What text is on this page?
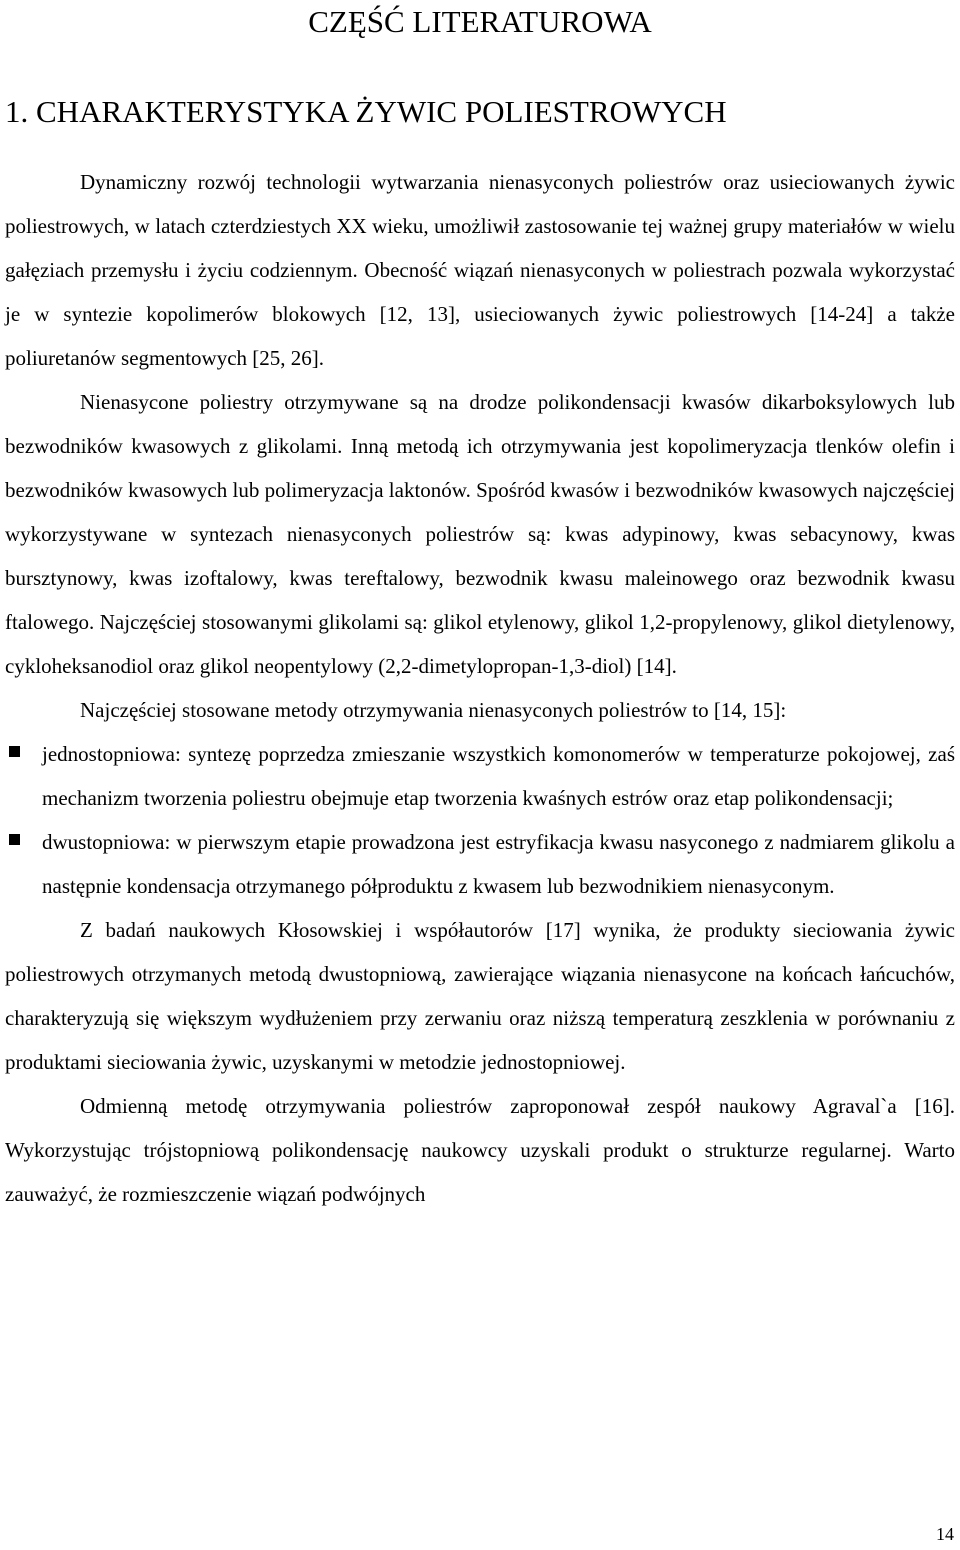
CZĘŚĆ LITERATUROWA
1. CHARAKTERYSTYKA ŻYWIC POLIESTROWYCH

Dynamiczny rozwój technologii wytwarzania nienasyconych poliestrów oraz usieciowanych żywic poliestrowych, w latach czterdziestych XX wieku, umożliwił zastosowanie tej ważnej grupy materiałów w wielu gałęziach przemysłu i życiu codziennym. Obecność wiązań nienasyconych w poliestrach pozwala wykorzystać je w syntezie kopolimerów blokowych [12, 13], usieciowanych żywic poliestrowych [14-24] a także poliuretanów segmentowych [25, 26].

Nienasycone poliestry otrzymywane są na drodze polikondensacji kwasów dikarboksylowych lub bezwodników kwasowych z glikolami. Inną metodą ich otrzymywania jest kopolimeryzacja tlenków olefin i bezwodników kwasowych lub polimeryzacja laktonów. Spośród kwasów i bezwodników kwasowych najczęściej wykorzystywane w syntezach nienasyconych poliestrów są: kwas adypinowy, kwas sebacynowy, kwas bursztynowy, kwas izoftalowy, kwas tereftalowy, bezwodnik kwasu maleinowego oraz bezwodnik kwasu ftalowego. Najczęściej stosowanymi glikolami są: glikol etylenowy, glikol 1,2-propylenowy, glikol dietylenowy, cykloheksanodiol oraz glikol neopentylowy (2,2-dimetylopropan-1,3-diol) [14].

Najczęściej stosowane metody otrzymywania nienasyconych poliestrów to [14, 15]:

jednostopniowa: syntezę poprzedza zmieszanie wszystkich komonomerów w temperaturze pokojowej, zaś mechanizm tworzenia poliestru obejmuje etap tworzenia kwaśnych estrów oraz etap polikondensacji;
dwustopniowa: w pierwszym etapie prowadzona jest estryfikacja kwasu nasyconego z nadmiarem glikolu a następnie kondensacja otrzymanego półproduktu z kwasem lub bezwodnikiem nienasyconym.

Z badań naukowych Kłosowskiej i współautorów [17] wynika, że produkty sieciowania żywic poliestrowych otrzymanych metodą dwustopniową, zawierające wiązania nienasycone na końcach łańcuchów, charakteryzują się większym wydłużeniem przy zerwaniu oraz niższą temperaturą zeszklenia w porównaniu z produktami sieciowania żywic, uzyskanymi w metodzie jednostopniowej.

Odmienną metodę otrzymywania poliestrów zaproponował zespół naukowy Agraval`a [16]. Wykorzystując trójstopniową polikondensację naukowcy uzyskali produkt o strukturze regularnej. Warto zauważyć, że rozmieszczenie wiązań podwójnych

14
